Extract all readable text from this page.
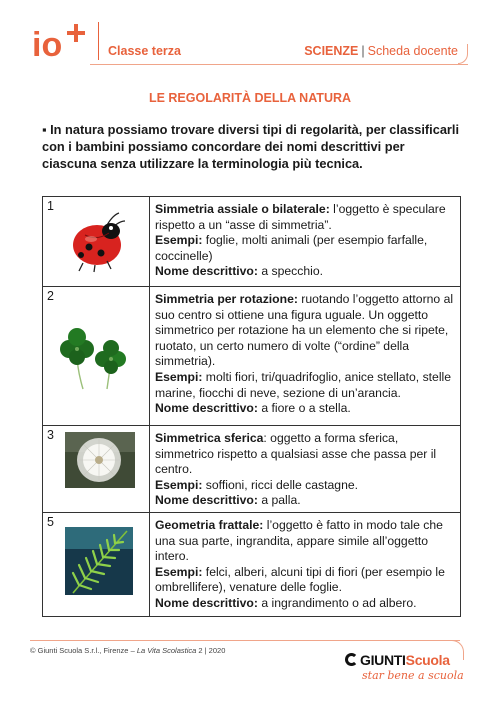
io	Classe terza	SCIENZE | Scheda docente
LE REGOLARITÀ DELLA NATURA
▪ In natura possiamo trovare diversi tipi di regolarità, per classificarli con i bambini possiamo concordare dei nomi descrittivi per ciascuna senza utilizzare la terminologia più tecnica.
1	Simmetria assiale o bilaterale: l’oggetto è speculare rispetto a un “asse di simmetria”.
Esempi: foglie, molti animali (per esempio farfalle, coccinelle)
Nome descrittivo: a specchio.
2	Simmetria per rotazione: ruotando l’oggetto attorno al suo centro si ottiene una figura uguale. Un oggetto simmetrico per rotazione ha un elemento che si ripete, ruotato, un certo numero di volte (“ordine” della simmetria).
Esempi: molti fiori, tri/quadrifoglio, anice stellato, stelle marine, fiocchi di neve, sezione di un’arancia.
Nome descrittivo: a fiore o a stella.
3	Simmetrica sferica: oggetto a forma sferica, simmetrico rispetto a qualsiasi asse che passa per il centro.
Esempi: soffioni, ricci delle castagne.
Nome descrittivo: a palla.
5	Geometria frattale: l’oggetto è fatto in modo tale che una sua parte, ingrandita, appare simile all’oggetto intero.
Esempi: felci, alberi, alcuni tipi di fiori (per esempio le ombrellifere), venature delle foglie.
Nome descrittivo: a ingrandimento o ad albero.
© Giunti Scuola S.r.l., Firenze – La Vita Scolastica 2 | 2020
GIUNTIScuola
star bene a scuola
